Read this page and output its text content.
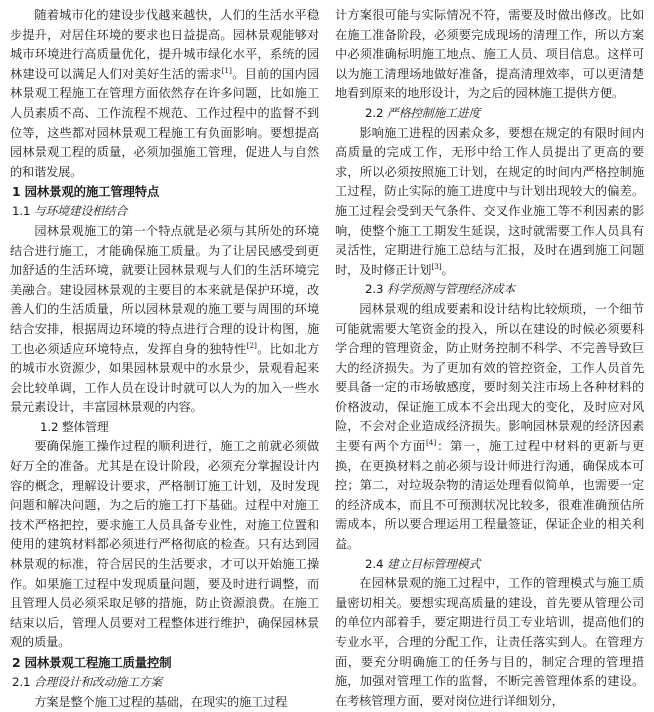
随着城市化的建设步伐越来越快，人们的生活水平稳步提升，对居住环境的要求也日益提高。园林景观能够对城市环境进行高质量优化，提升城市绿化水平，系统的园林建设可以满足人们对美好生活的需求[1]。目前的国内园林景观工程施工在管理方面依然存在许多问题，比如施工人员素质不高、工作流程不规范、工作过程中的监督不到位等，这些都对园林景观工程施工有负面影响。要想提高园林景观工程的质量，必须加强施工管理，促进人与自然的和谐发展。

1 园林景观的施工管理特点
1.1 与环境建设相结合

园林景观施工的第一个特点就是必须与其所处的环境结合进行施工，才能确保施工质量。为了让居民感受到更加舒适的生活环境，就要让园林景观与人们的生活环境完美融合。建设园林景观的主要目的本来就是保护环境，改善人们的生活质量，所以园林景观的施工要与周围的环境结合安排，根据周边环境的特点进行合理的设计构图，施工也必须适应环境特点，发挥自身的独特性[2]。比如北方的城市水资源少，如果园林景观中的水景少，景观看起来会比较单调，工作人员在设计时就可以人为的加入一些水景元素设计，丰富园林景观的内容。

1.2 整体管理

要确保施工操作过程的顺利进行，施工之前就必须做好万全的准备。尤其是在设计阶段，必须充分掌握设计内容的概念，理解设计要求，严格制订施工计划，及时发现问题和解决问题，为之后的施工打下基础。过程中对施工技术严格把控，要求施工人员具备专业性，对施工位置和使用的建筑材料都必须进行严格彻底的检查。只有达到园林景观的标准，符合居民的生活要求，才可以开始施工操作。如果施工过程中发现质量问题，要及时进行调整，而且管理人员必须采取足够的措施，防止资源浪费。在施工结束以后，管理人员要对工程整体进行维护，确保园林景观的质量。

2 园林景观工程施工质量控制
2.1 合理设计和改动施工方案

方案是整个施工过程的基础，在现实的施工过程

计方案很可能与实际情况不符，需要及时做出修改。比如在施工准备阶段，必须要完成现场的清理工作，所以方案中必须准确标明施工地点、施工人员、项目信息。这样可以为施工清理场地做好准备，提高清理效率，可以更清楚地看到原来的地形设计，为之后的园林施工提供方便。

2.2 严格控制施工进度

影响施工进程的因素众多，要想在规定的有限时间内高质量的完成工作，无形中给工作人员提出了更高的要求，所以必须按照施工计划，在规定的时间内严格控制施工过程，防止实际的施工进度中与计划出现较大的偏差。施工过程会受到天气条件、交叉作业施工等不利因素的影响，使整个施工工期发生延误，这时就需要工作人员具有灵活性，定期进行施工总结与汇报，及时在遇到施工问题时，及时修正计划[3]。

2.3 科学预测与管理经济成本

园林景观的组成要素和设计结构比较烦琐，一个细节可能就需要大笔资金的投入，所以在建设的时候必须要科学合理的管理资金，防止财务控制不科学、不完善导致巨大的经济损失。为了更加有效的管控资金，工作人员首先要具备一定的市场敏感度，要时刻关注市场上各种材料的价格波动，保证施工成本不会出现大的变化，及时应对风险，不会对企业造成经济损失。影响园林景观的经济因素主要有两个方面[4]：第一，施工过程中材料的更新与更换，在更换材料之前必须与设计师进行沟通，确保成本可控；第二，对垃圾杂物的清运处理看似简单，也需要一定的经济成本，而且不可预测状况比较多，很难准确预估所需成本，所以要合理运用工程量签证，保证企业的相关利益。

2.4 建立目标管理模式

在园林景观的施工过程中，工作的管理模式与施工质量密切相关。要想实现高质量的建设，首先要从管理公司的单位内部着手，要定期进行员工专业培训，提高他们的专业水平，合理的分配工作，让责任落实到人。在管理方面，要充分明确施工的任务与目的，制定合理的管理措施，加强对管理工作的监督，不断完善管理体系的建设。在考核管理方面，要对岗位进行详细划分，
